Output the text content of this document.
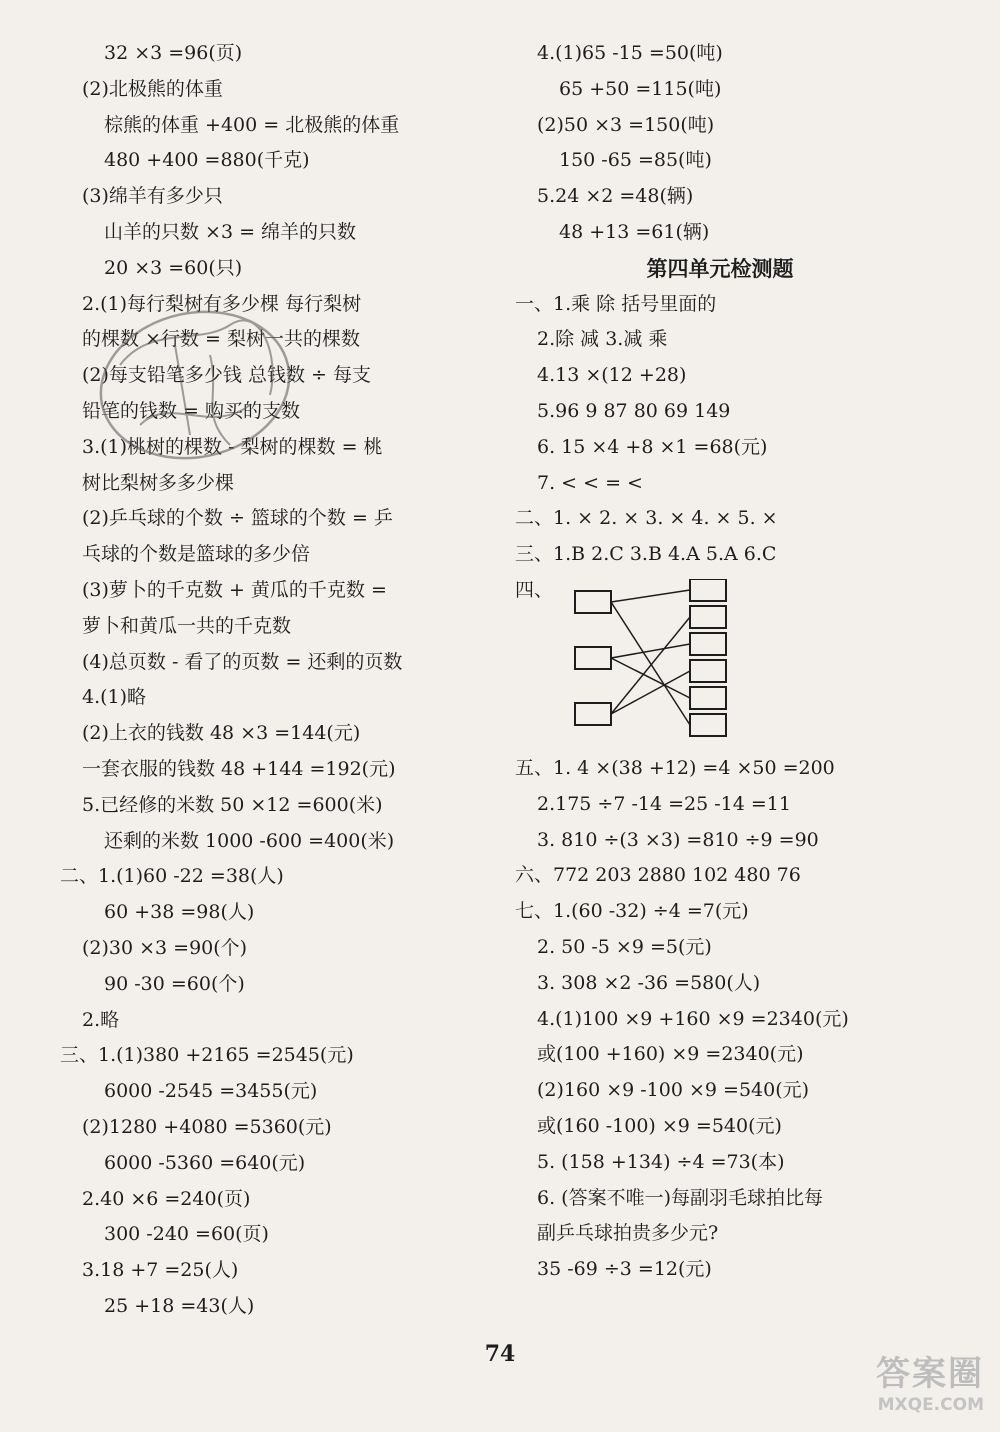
32 ×3 =96(页)
(2)北极熊的体重
棕熊的体重 +400 = 北极熊的体重
480 +400 =880(千克)
(3)绵羊有多少只
山羊的只数 ×3 = 绵羊的只数
20 ×3 =60(只)
2.(1)每行梨树有多少棵 每行梨树
的棵数 ×行数 = 梨树一共的棵数
(2)每支铅笔多少钱 总钱数 ÷ 每支
铅笔的钱数 = 购买的支数
3.(1)桃树的棵数 - 梨树的棵数 = 桃
树比梨树多多少棵
(2)乒乓球的个数 ÷ 篮球的个数 = 乒
乓球的个数是篮球的多少倍
(3)萝卜的千克数 + 黄瓜的千克数 =
萝卜和黄瓜一共的千克数
(4)总页数 - 看了的页数 = 还剩的页数
4.(1)略
(2)上衣的钱数 48 ×3 =144(元)
一套衣服的钱数 48 +144 =192(元)
5.已经修的米数 50 ×12 =600(米)
还剩的米数 1000 -600 =400(米)
二、1.(1)60 -22 =38(人)
60 +38 =98(人)
(2)30 ×3 =90(个)
90 -30 =60(个)
2.略
三、1.(1)380 +2165 =2545(元)
6000 -2545 =3455(元)
(2)1280 +4080 =5360(元)
6000 -5360 =640(元)
2.40 ×6 =240(页)
300 -240 =60(页)
3.18 +7 =25(人)
25 +18 =43(人)
4.(1)65 -15 =50(吨)
65 +50 =115(吨)
(2)50 ×3 =150(吨)
150 -65 =85(吨)
5.24 ×2 =48(辆)
48 +13 =61(辆)
第四单元检测题
一、1.乘 除 括号里面的
2.除 减 3.减 乘
4.13 ×(12 +28)
5.96 9 87 80 69 149
6. 15 ×4 +8 ×1 =68(元)
7. < < = <
二、1. × 2. × 3. × 4. × 5. ×
三、1.B 2.C 3.B 4.A 5.A 6.C
四、
五、1. 4 ×(38 +12) =4 ×50 =200
2.175 ÷7 -14 =25 -14 =11
3. 810 ÷(3 ×3) =810 ÷9 =90
六、772 203 2880 102 480 76
七、1.(60 -32) ÷4 =7(元)
2. 50 -5 ×9 =5(元)
3. 308 ×2 -36 =580(人)
4.(1)100 ×9 +160 ×9 =2340(元)
或(100 +160) ×9 =2340(元)
(2)160 ×9 -100 ×9 =540(元)
或(160 -100) ×9 =540(元)
5. (158 +134) ÷4 =73(本)
6. (答案不唯一)每副羽毛球拍比每
副乒乓球拍贵多少元?
35 -69 ÷3 =12(元)
74	答案圈
MXQE.COM
